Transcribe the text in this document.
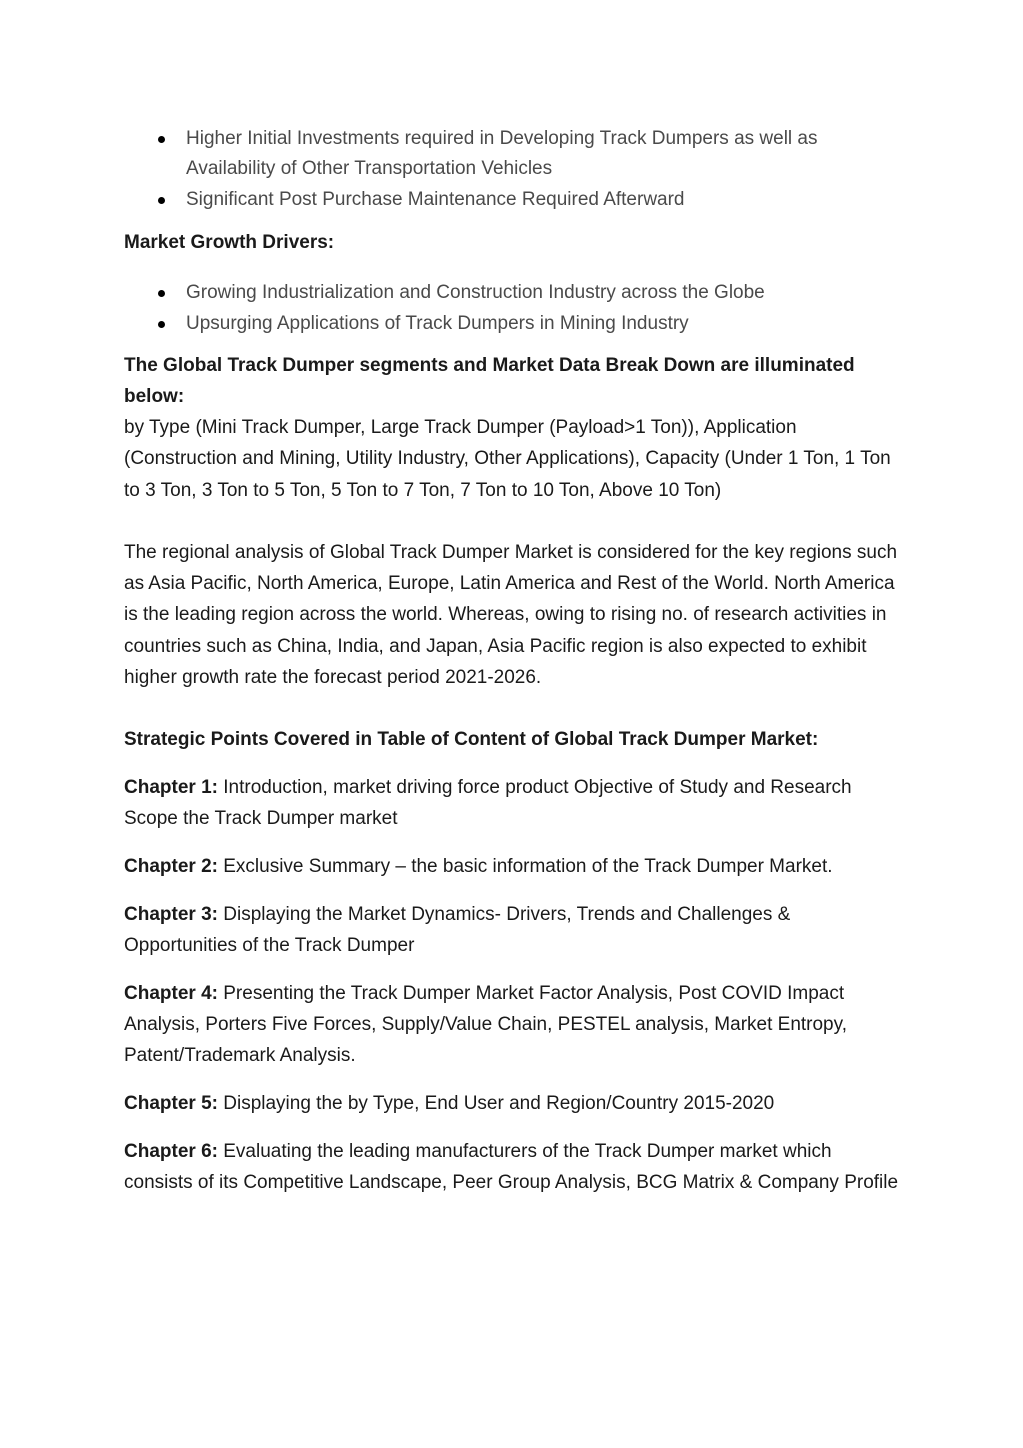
Higher Initial Investments required in Developing Track Dumpers as well as Availability of Other Transportation Vehicles
Significant Post Purchase Maintenance Required Afterward
Market Growth Drivers:
Growing Industrialization and Construction Industry across the Globe
Upsurging Applications of Track Dumpers in Mining Industry
The Global Track Dumper segments and Market Data Break Down are illuminated below:
by Type (Mini Track Dumper, Large Track Dumper (Payload>1 Ton)), Application (Construction and Mining, Utility Industry, Other Applications), Capacity (Under 1 Ton, 1 Ton to 3 Ton, 3 Ton to 5 Ton, 5 Ton to 7 Ton, 7 Ton to 10 Ton, Above 10 Ton)
The regional analysis of Global Track Dumper Market is considered for the key regions such as Asia Pacific, North America, Europe, Latin America and Rest of the World. North America is the leading region across the world. Whereas, owing to rising no. of research activities in countries such as China, India, and Japan, Asia Pacific region is also expected to exhibit higher growth rate the forecast period 2021-2026.
Strategic Points Covered in Table of Content of Global Track Dumper Market:
Chapter 1: Introduction, market driving force product Objective of Study and Research Scope the Track Dumper market
Chapter 2: Exclusive Summary – the basic information of the Track Dumper Market.
Chapter 3: Displaying the Market Dynamics- Drivers, Trends and Challenges & Opportunities of the Track Dumper
Chapter 4: Presenting the Track Dumper Market Factor Analysis, Post COVID Impact Analysis, Porters Five Forces, Supply/Value Chain, PESTEL analysis, Market Entropy, Patent/Trademark Analysis.
Chapter 5: Displaying the by Type, End User and Region/Country 2015-2020
Chapter 6: Evaluating the leading manufacturers of the Track Dumper market which consists of its Competitive Landscape, Peer Group Analysis, BCG Matrix & Company Profile
